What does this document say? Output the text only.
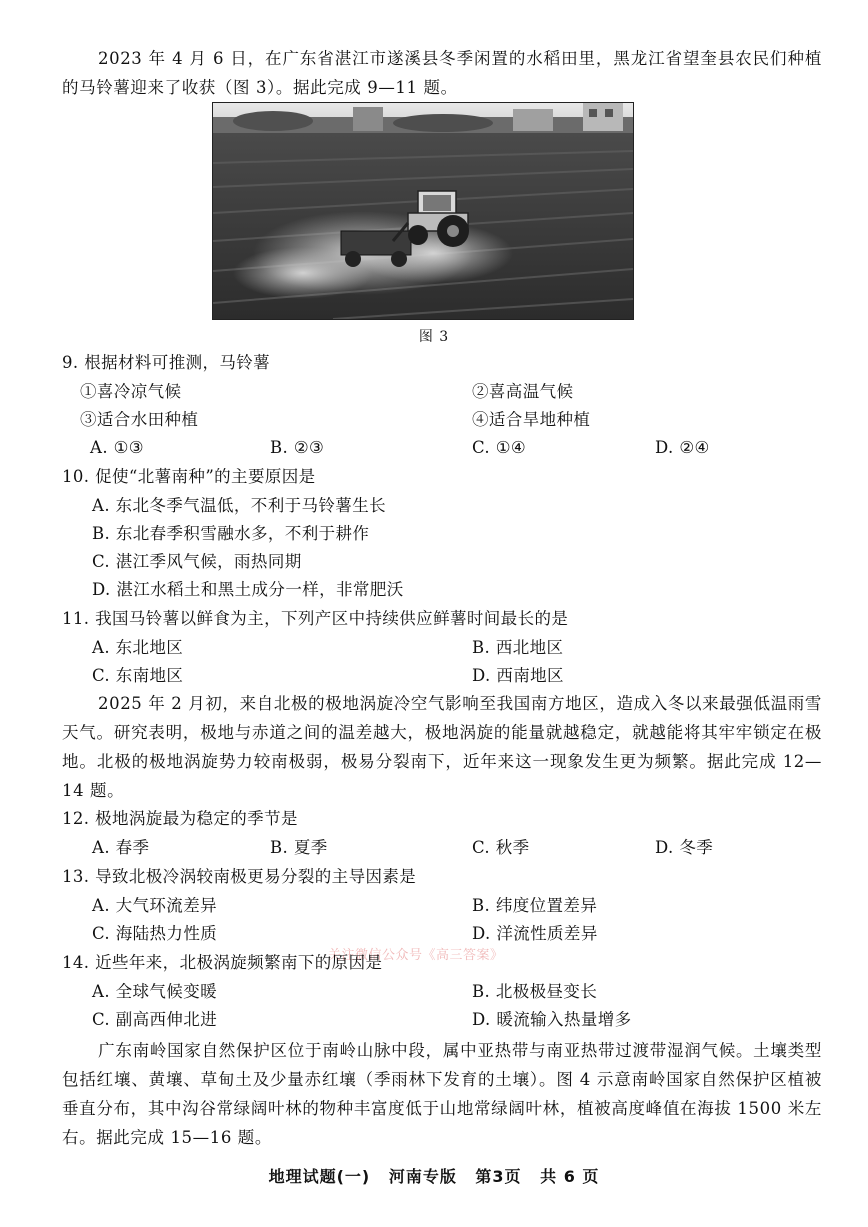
2023 年 4 月 6 日，在广东省湛江市遂溪县冬季闲置的水稻田里，黑龙江省望奎县农民们种植的马铃薯迎来了收获（图 3）。据此完成 9—11 题。
图 3
9. 根据材料可推测，马铃薯
①喜冷凉气候	②喜高温气候
③适合水田种植	④适合旱地种植
A. ①③	B. ②③	C. ①④	D. ②④
10. 促使“北薯南种”的主要原因是
A. 东北冬季气温低，不利于马铃薯生长
B. 东北春季积雪融水多，不利于耕作
C. 湛江季风气候，雨热同期
D. 湛江水稻土和黑土成分一样，非常肥沃
11. 我国马铃薯以鲜食为主，下列产区中持续供应鲜薯时间最长的是
A. 东北地区	B. 西北地区
C. 东南地区	D. 西南地区
2025 年 2 月初，来自北极的极地涡旋冷空气影响至我国南方地区，造成入冬以来最强低温雨雪天气。研究表明，极地与赤道之间的温差越大，极地涡旋的能量就越稳定，就越能将其牢牢锁定在极地。北极的极地涡旋势力较南极弱，极易分裂南下，近年来这一现象发生更为频繁。据此完成 12—14 题。
12. 极地涡旋最为稳定的季节是
A. 春季	B. 夏季	C. 秋季	D. 冬季
13. 导致北极冷涡较南极更易分裂的主导因素是
A. 大气环流差异	B. 纬度位置差异
C. 海陆热力性质	D. 洋流性质差异
关注微信公众号《高三答案》
14. 近些年来，北极涡旋频繁南下的原因是
A. 全球气候变暖	B. 北极极昼变长
C. 副高西伸北进	D. 暖流输入热量增多
广东南岭国家自然保护区位于南岭山脉中段，属中亚热带与南亚热带过渡带湿润气候。土壤类型包括红壤、黄壤、草甸土及少量赤红壤（季雨林下发育的土壤）。图 4 示意南岭国家自然保护区植被垂直分布，其中沟谷常绿阔叶林的物种丰富度低于山地常绿阔叶林，植被高度峰值在海拔 1500 米左右。据此完成 15—16 题。
地理试题(一) 河南专版 第3页 共 6 页
